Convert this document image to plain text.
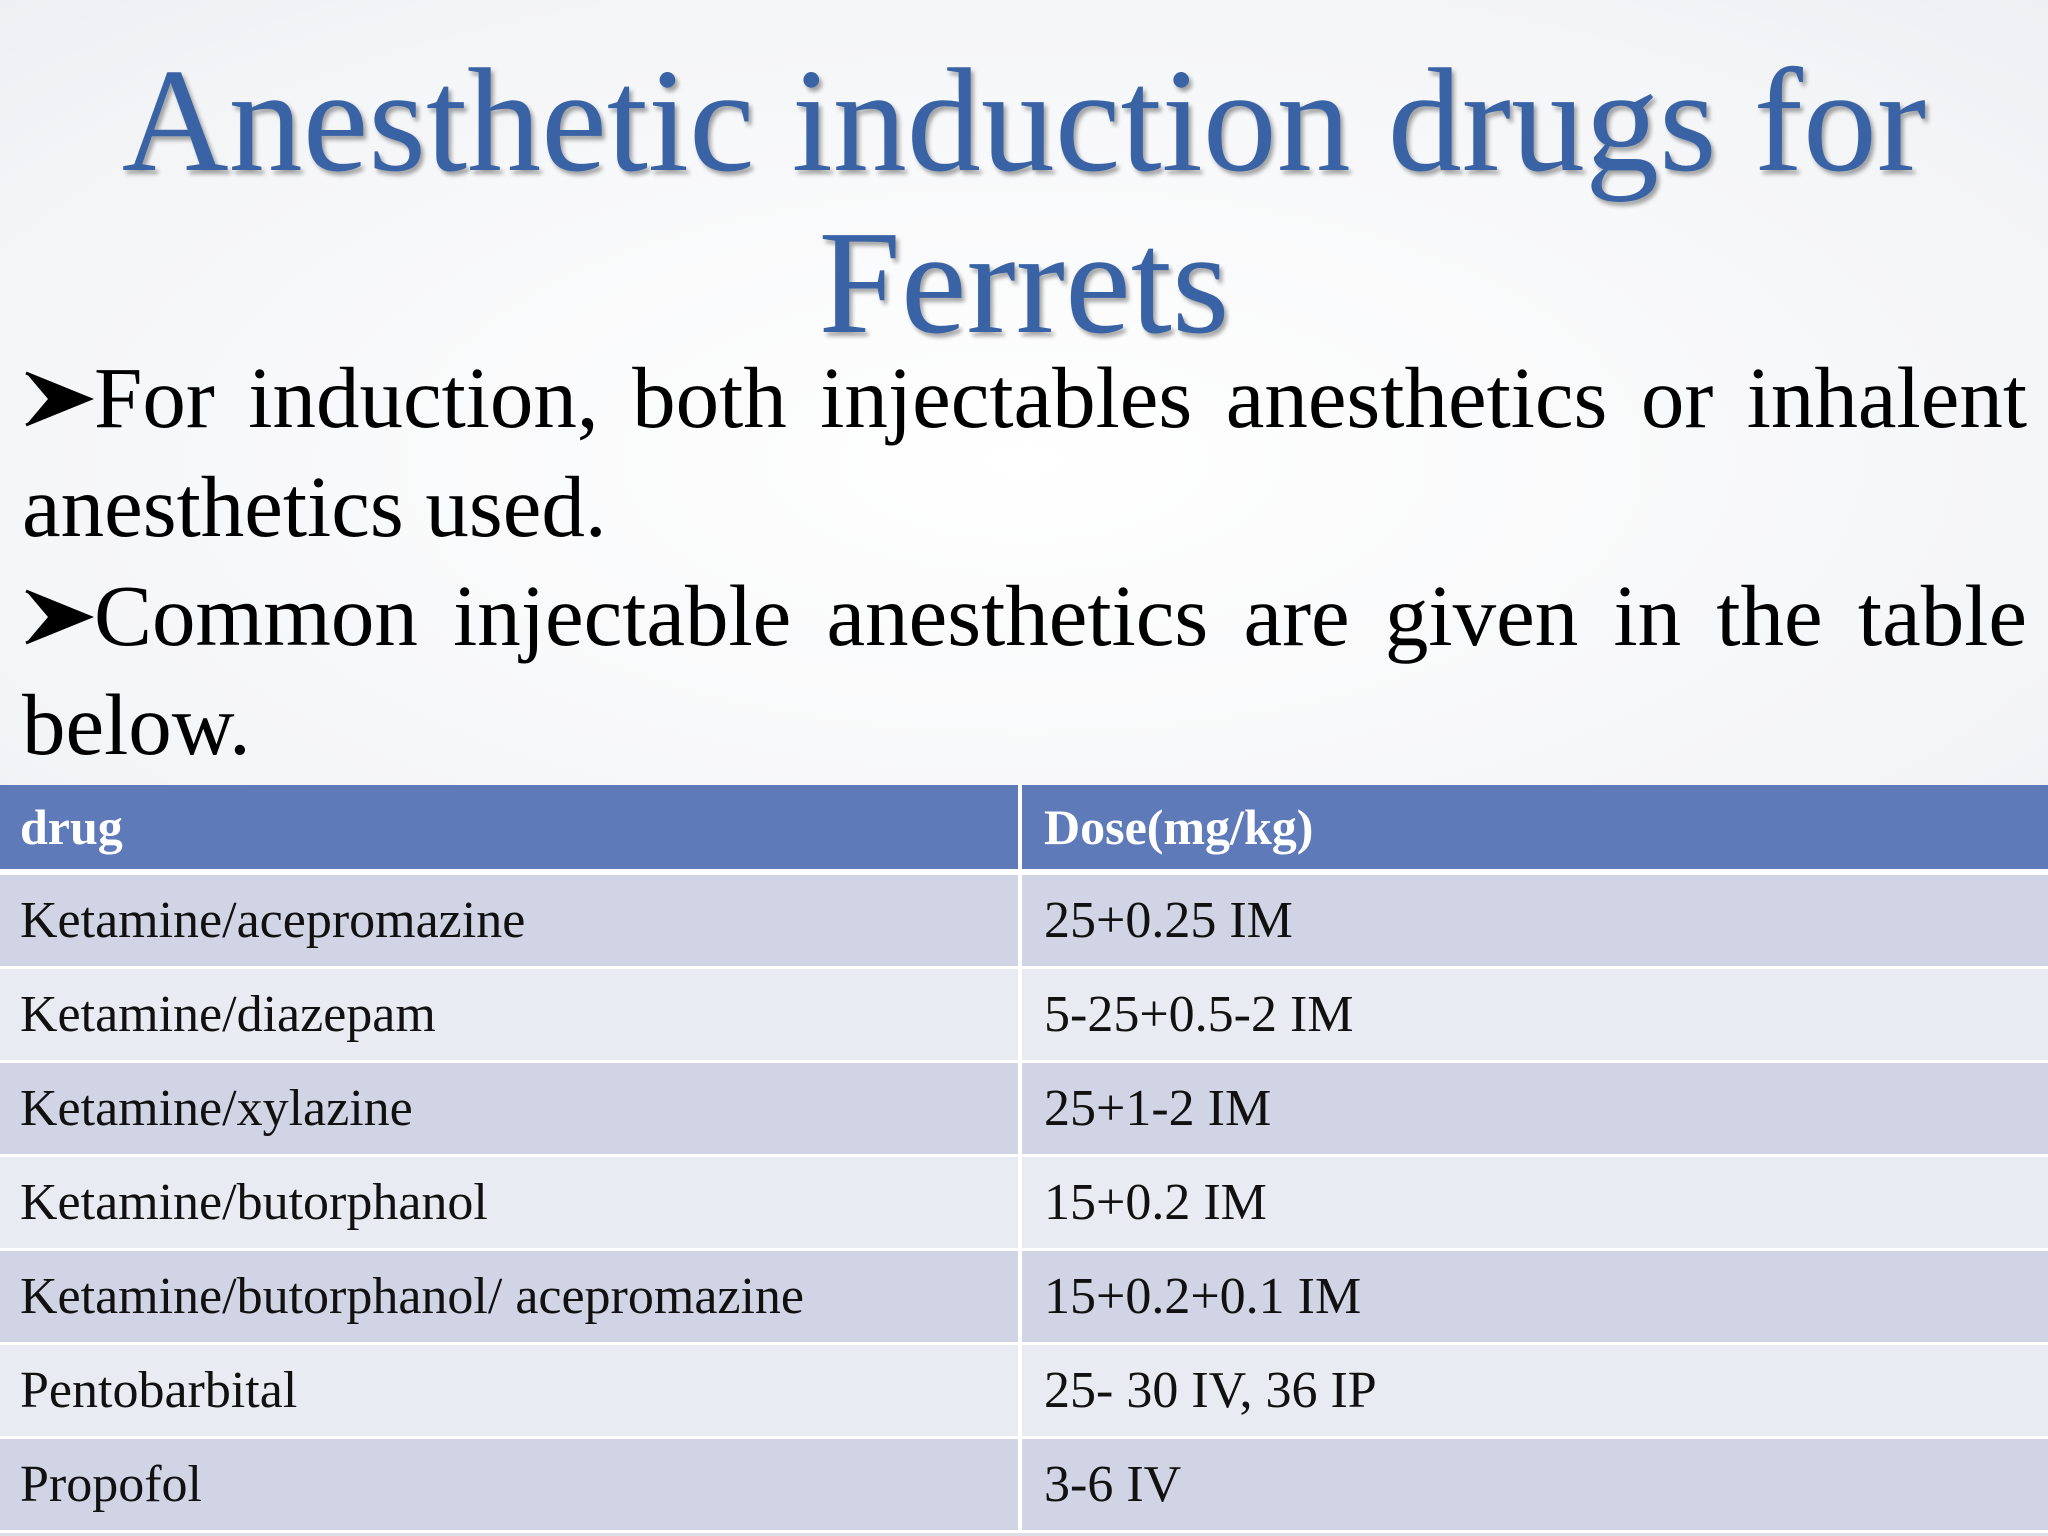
Anesthetic induction drugs for
Ferrets

For induction, both injectables anesthetics or inhalent anesthetics used.

Common injectable anesthetics are given in the table below.

drug	Dose(mg/kg)
Ketamine/acepromazine	25+0.25 IM
Ketamine/diazepam	5-25+0.5-2 IM
Ketamine/xylazine	25+1-2 IM
Ketamine/butorphanol	15+0.2 IM
Ketamine/butorphanol/ acepromazine	15+0.2+0.1 IM
Pentobarbital	25- 30 IV, 36 IP
Propofol	3-6 IV
